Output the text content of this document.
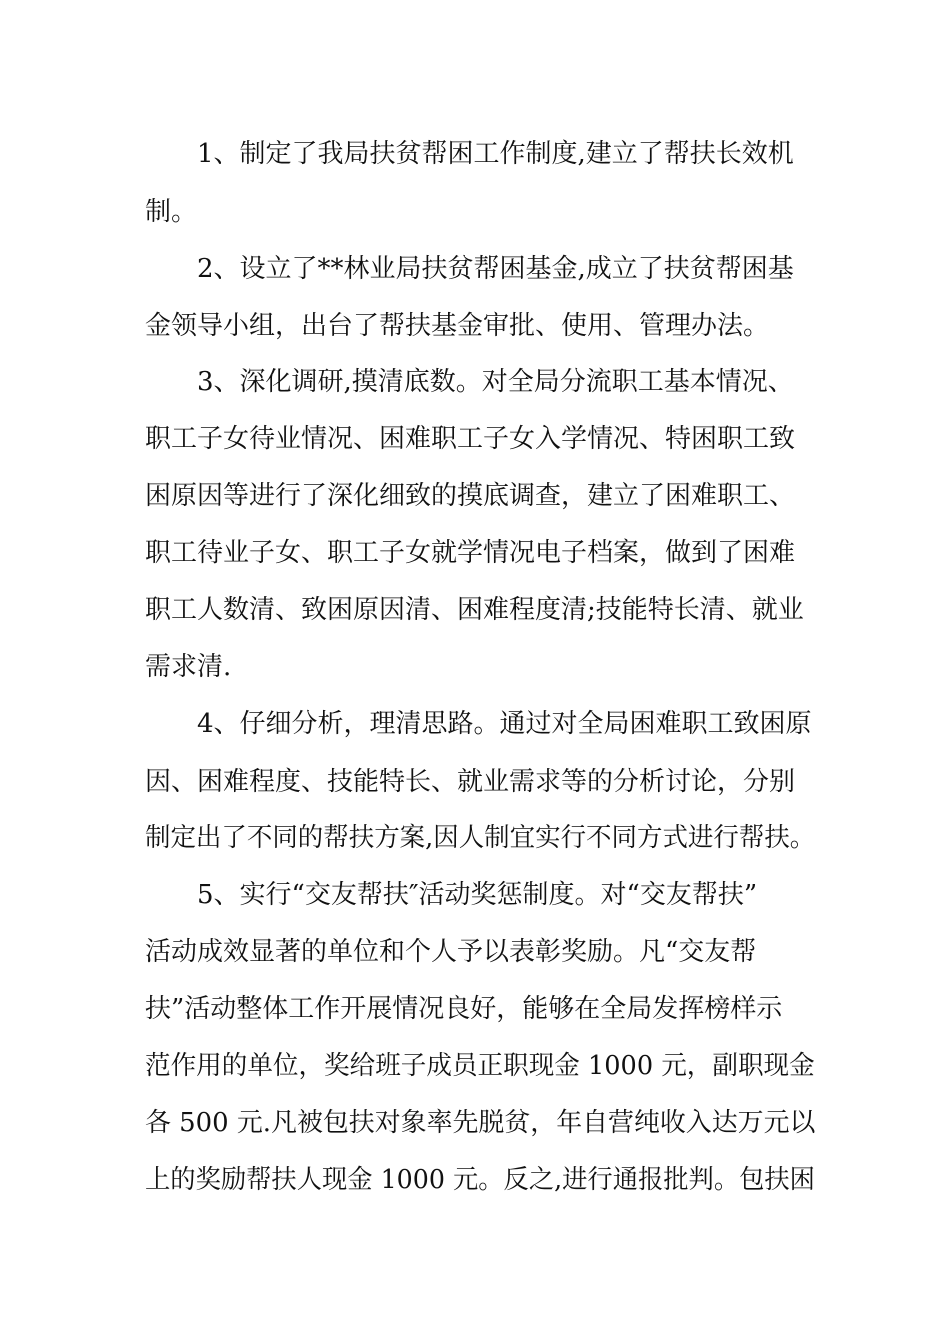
1、制定了我局扶贫帮困工作制度,建立了帮扶长效机
制。
2、设立了**林业局扶贫帮困基金,成立了扶贫帮困基
金领导小组，出台了帮扶基金审批、使用、管理办法。
3、深化调研,摸清底数。对全局分流职工基本情况、
职工子女待业情况、困难职工子女入学情况、特困职工致
困原因等进行了深化细致的摸底调查，建立了困难职工、
职工待业子女、职工子女就学情况电子档案，做到了困难
职工人数清、致困原因清、困难程度清;技能特长清、就业
需求清.
4、仔细分析，理清思路。通过对全局困难职工致困原
因、困难程度、技能特长、就业需求等的分析讨论，分别
制定出了不同的帮扶方案,因人制宜实行不同方式进行帮扶。
5、实行“交友帮扶″活动奖惩制度。对“交友帮扶”
活动成效显著的单位和个人予以表彰奖励。凡“交友帮
扶”活动整体工作开展情况良好，能够在全局发挥榜样示
范作用的单位，奖给班子成员正职现金 1000 元，副职现金
各 500 元.凡被包扶对象率先脱贫，年自营纯收入达万元以
上的奖励帮扶人现金 1000 元。反之,进行通报批判。包扶困
